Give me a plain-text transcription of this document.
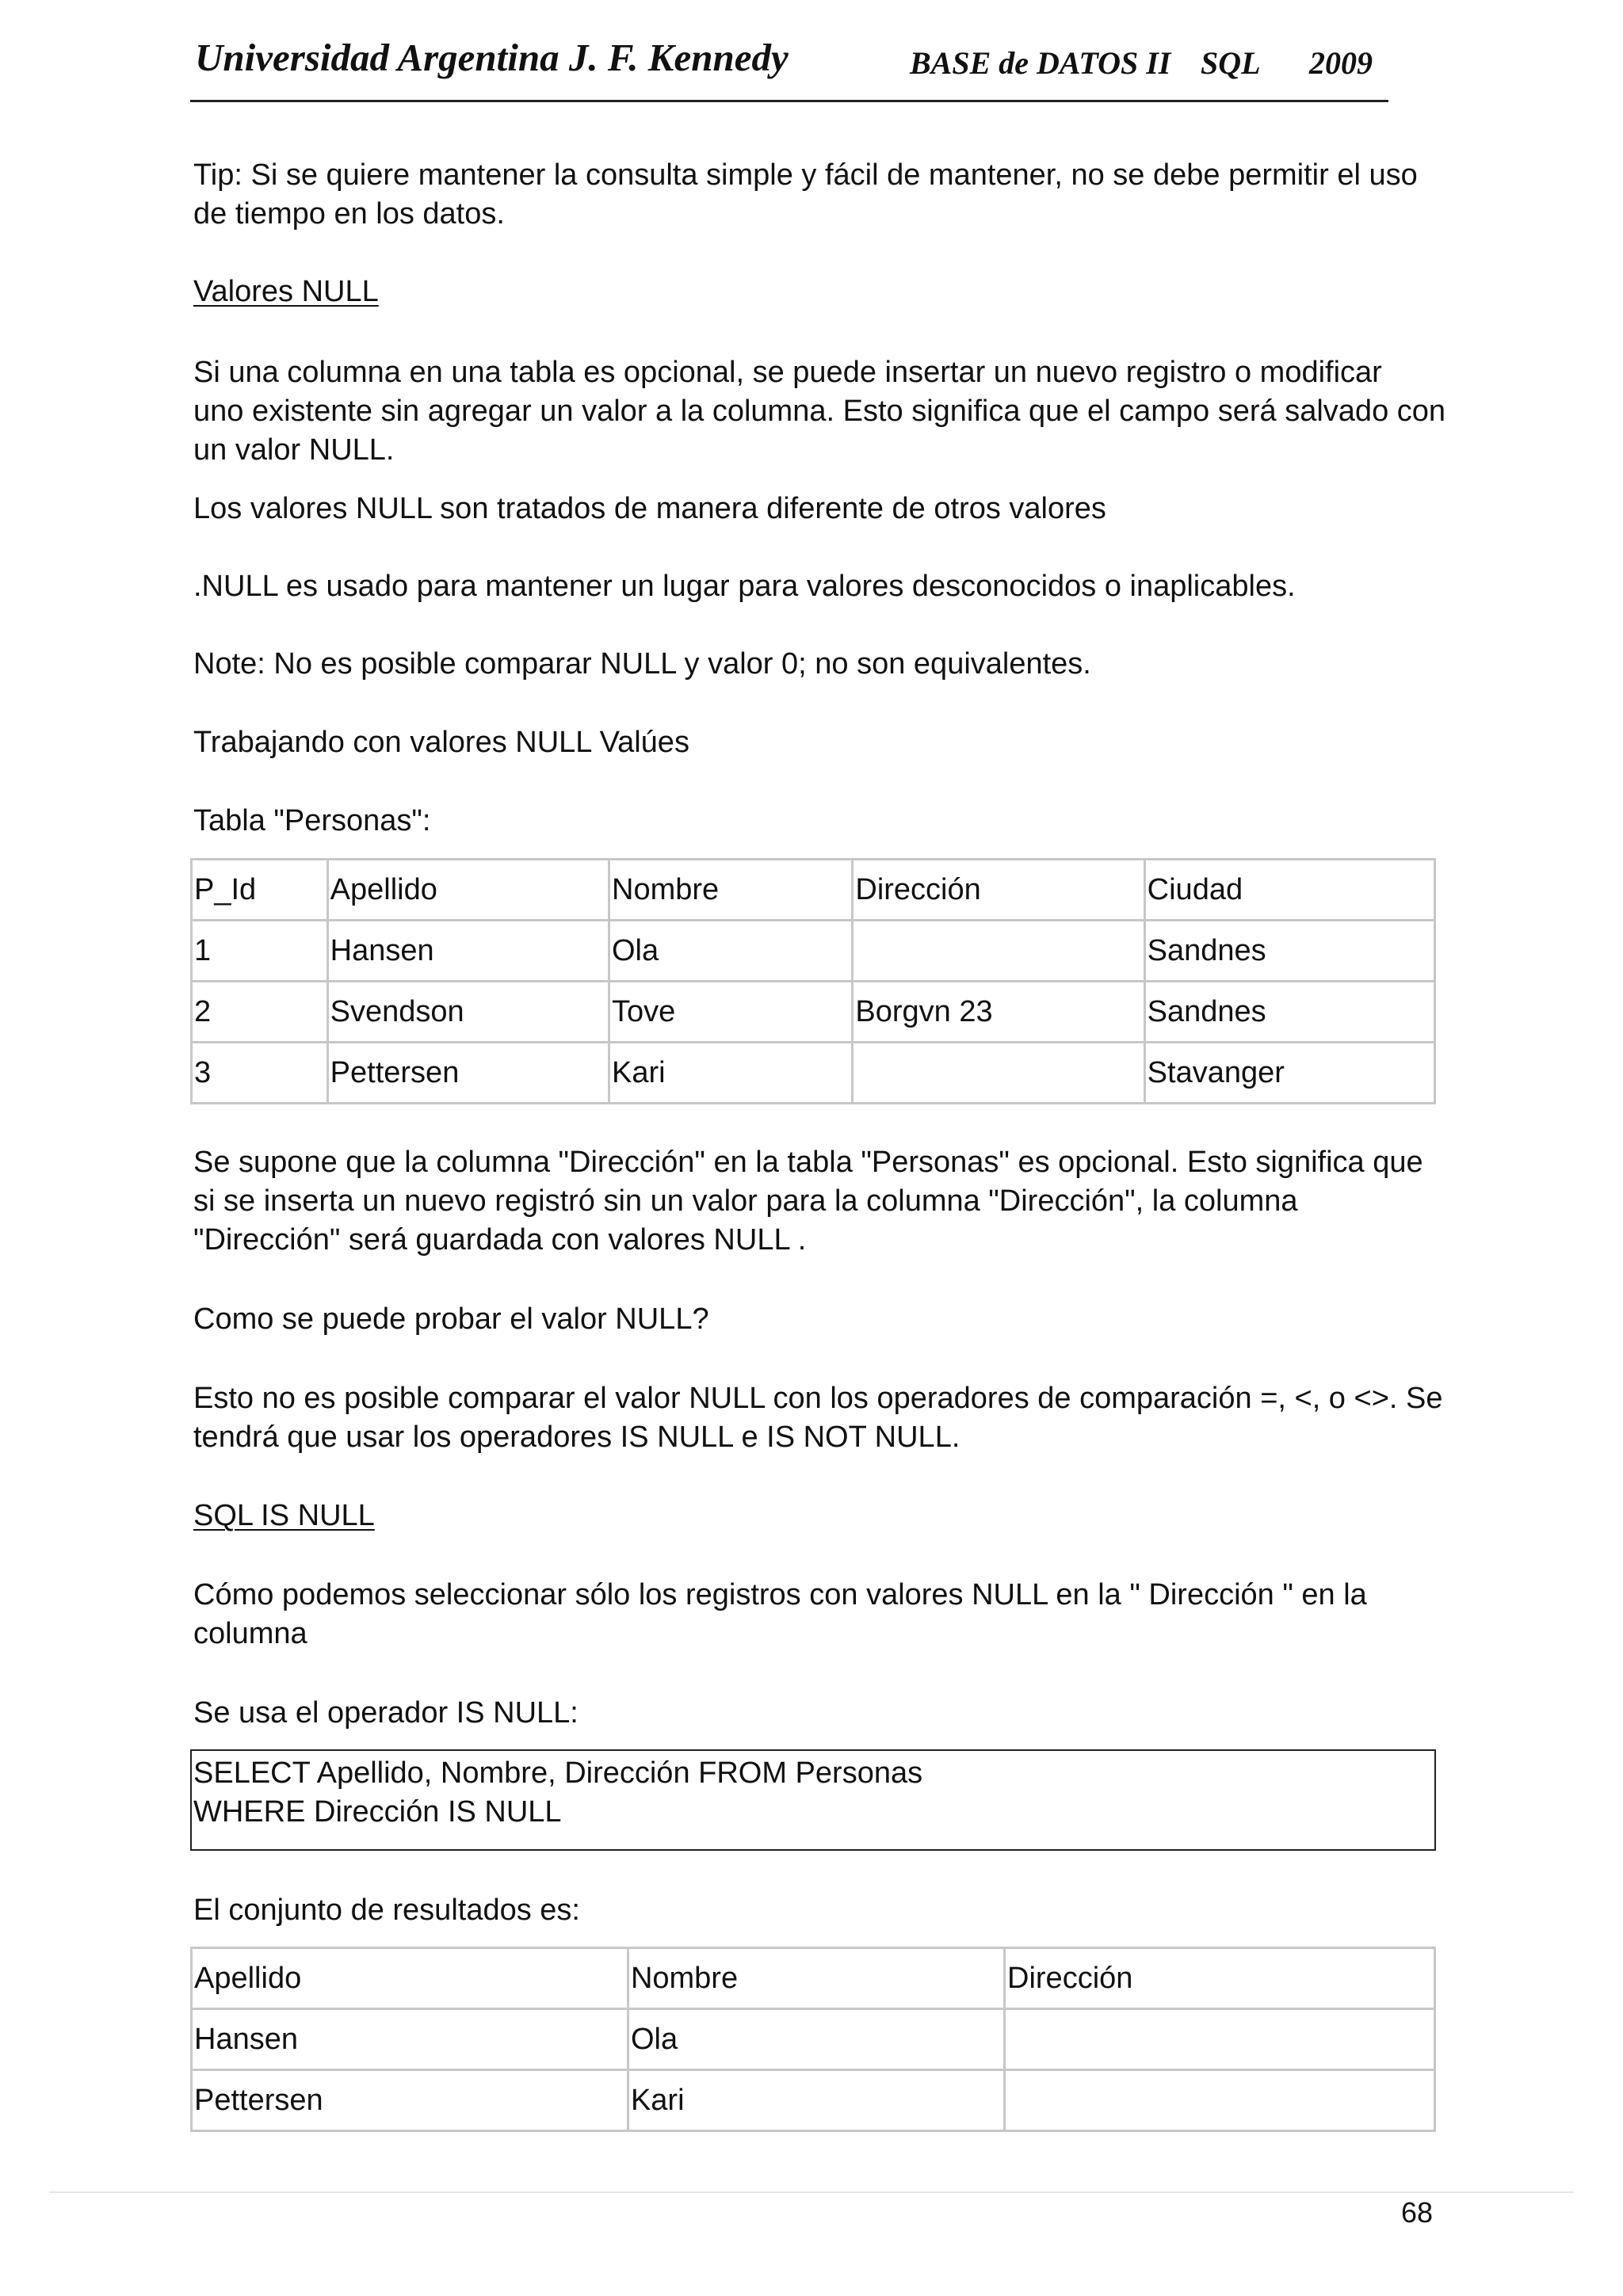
Universidad Argentina J. F. Kennedy	BASE de DATOS II SQL 2009
Tip: Si se quiere mantener la consulta simple y fácil de mantener, no se debe permitir el uso
de tiempo en los datos.
Valores NULL
Si una columna en una tabla es opcional, se puede insertar un nuevo registro o modificar
uno existente sin agregar un valor a la columna. Esto significa que el campo será salvado con
un valor NULL.
Los valores NULL son tratados de manera diferente de otros valores
.NULL es usado para mantener un lugar para valores desconocidos o inaplicables.
Note: No es posible comparar NULL y valor 0; no son equivalentes.
Trabajando con valores NULL Valúes
Tabla "Personas":
P_Id	Apellido	Nombre	Dirección	Ciudad
1	Hansen	Ola		Sandnes
2	Svendson	Tove	Borgvn 23	Sandnes
3	Pettersen	Kari		Stavanger
Se supone que la columna "Dirección" en la tabla "Personas" es opcional. Esto significa que
si se inserta un nuevo registró sin un valor para la columna "Dirección", la columna
"Dirección" será guardada con valores NULL .
Como se puede probar el valor NULL?
Esto no es posible comparar el valor NULL con los operadores de comparación =, <, o <>. Se
tendrá que usar los operadores IS NULL e IS NOT NULL.
SQL IS NULL
Cómo podemos seleccionar sólo los registros con valores NULL en la " Dirección " en la
columna
Se usa el operador IS NULL:
SELECT Apellido, Nombre, Dirección FROM Personas
WHERE Dirección IS NULL
El conjunto de resultados es:
Apellido	Nombre	Dirección
Hansen	Ola	
Pettersen	Kari	
68
